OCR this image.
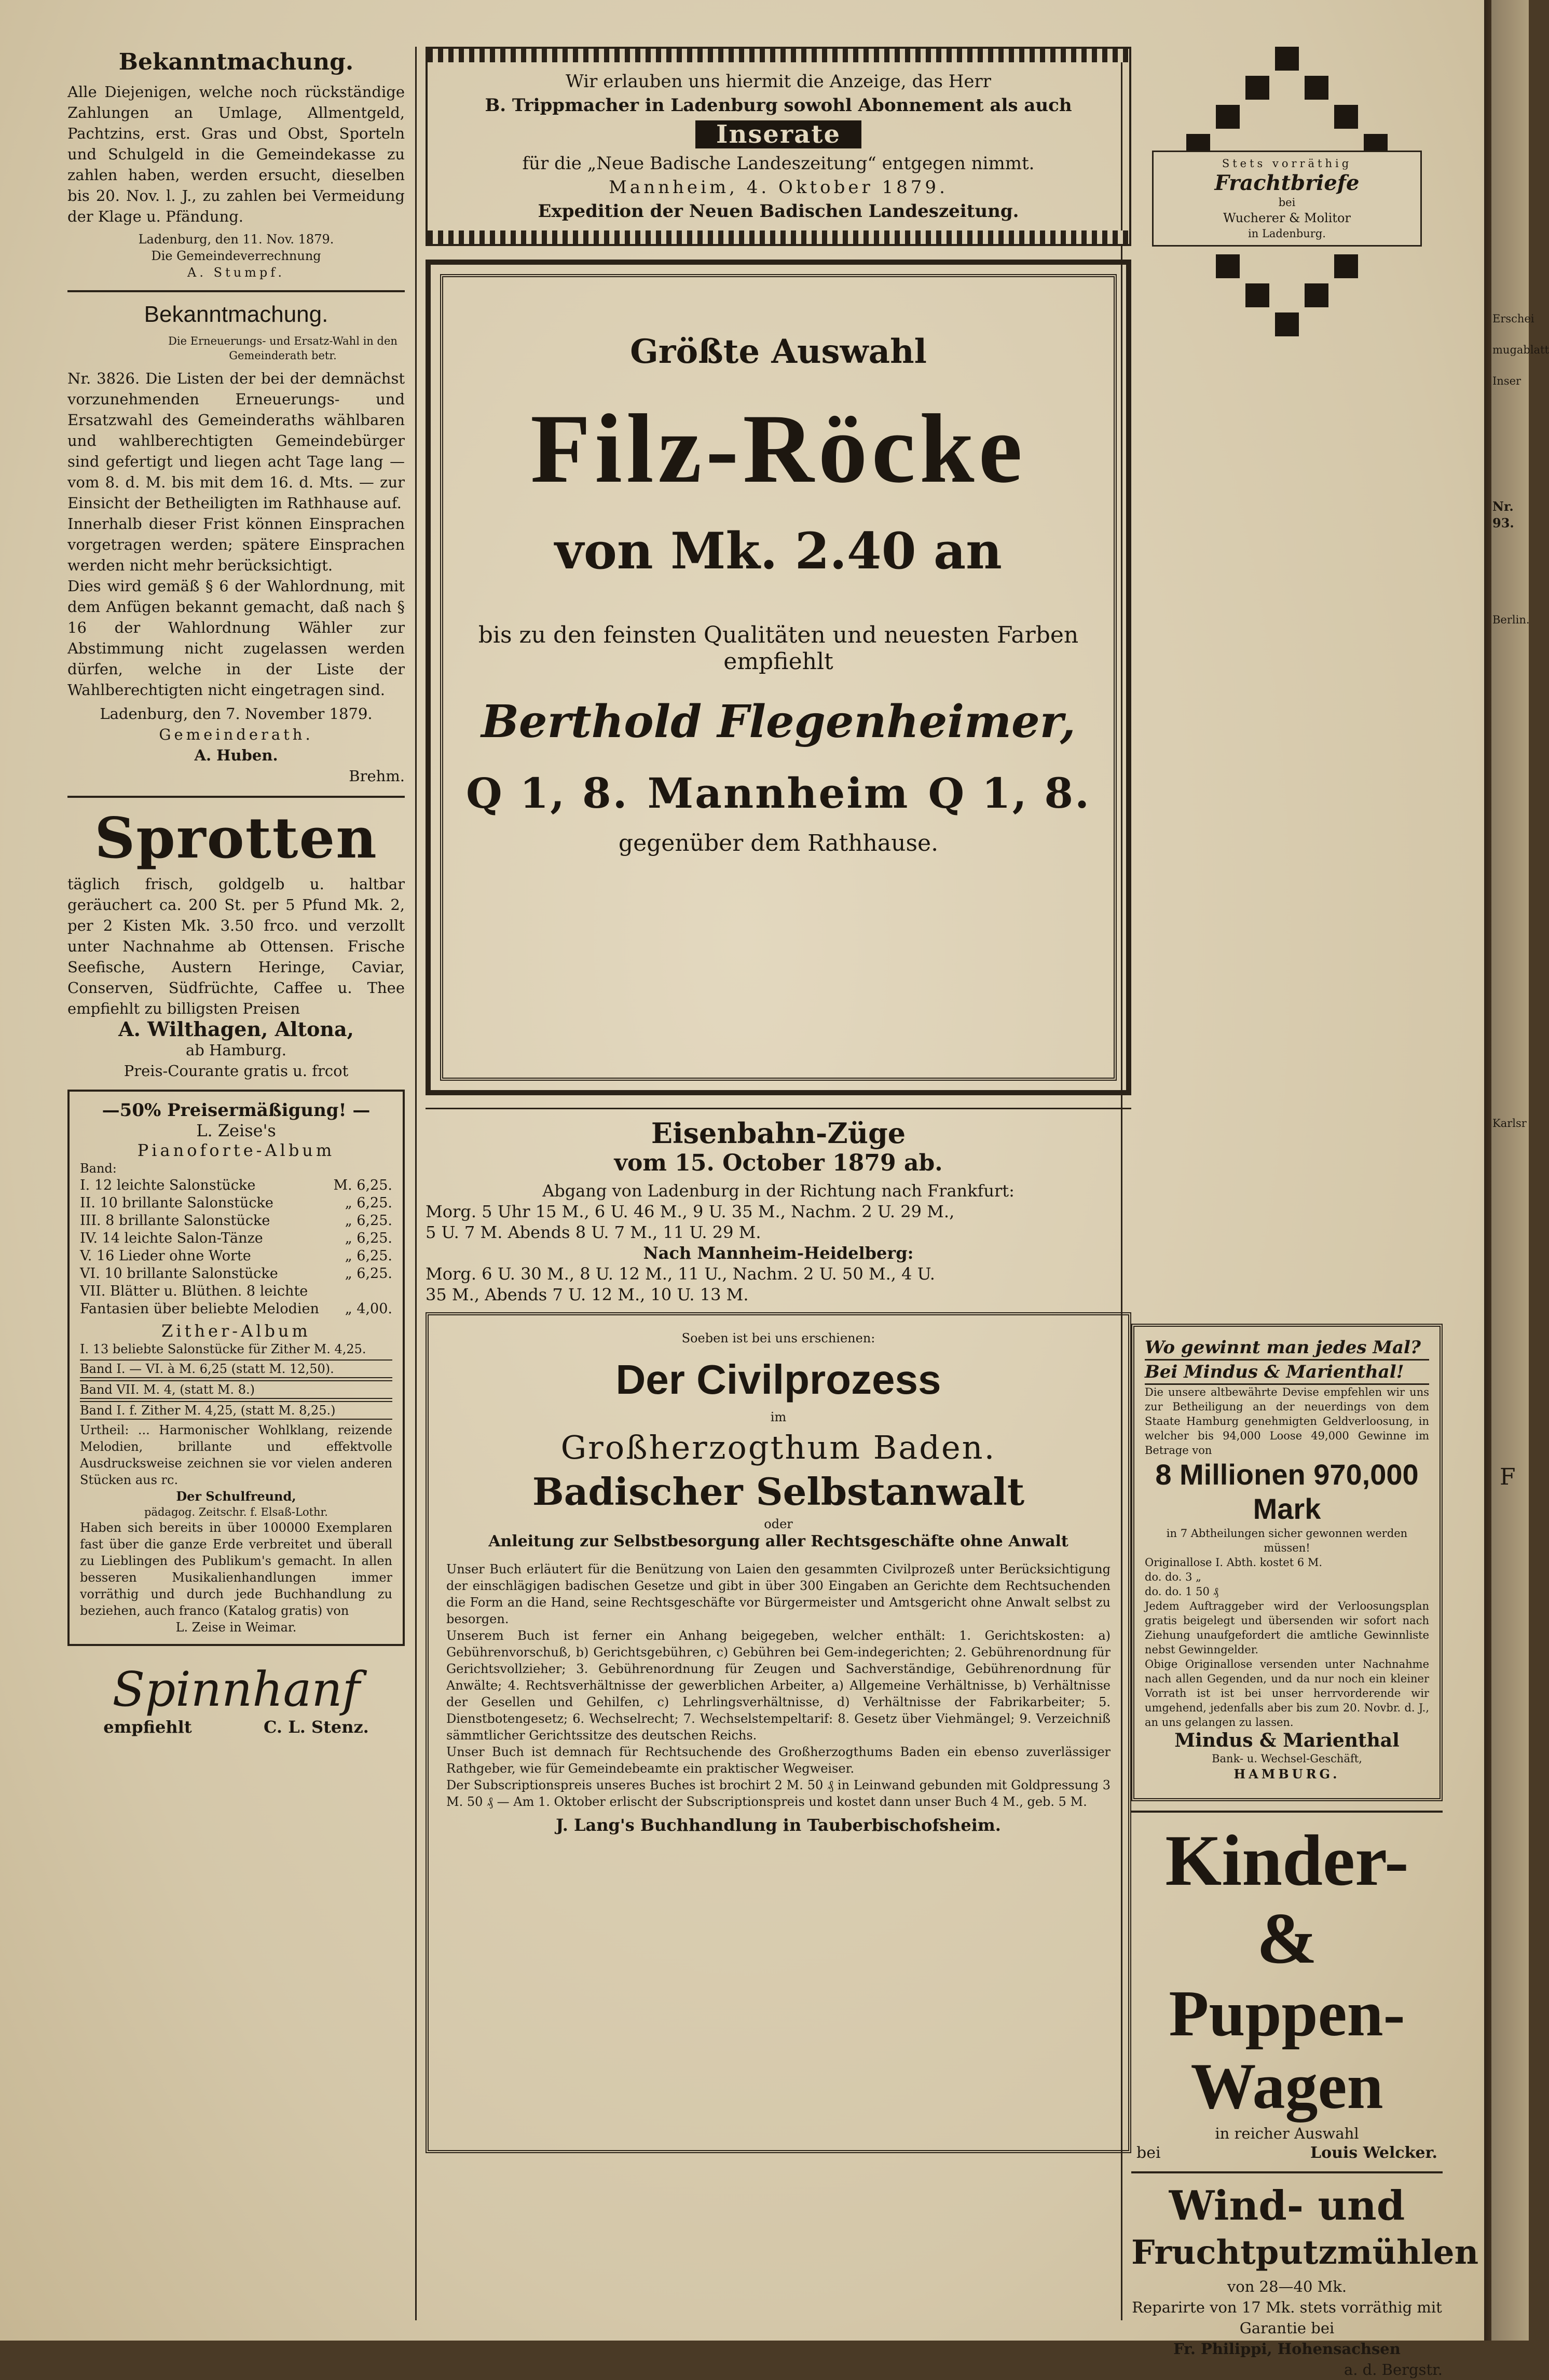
Bekanntmachung.

Alle Diejenigen, welche noch rückständige Zahlungen an Umlage, Allmentgeld, Pachtzins, erst. Gras und Obst, Sporteln und Schulgeld in die Gemeindekasse zu zahlen haben, werden ersucht, dieselben bis 20. Nov. l. J., zu zahlen bei Vermeidung der Klage u. Pfändung.

Ladenburg, den 11. Nov. 1879.

Die Gemeindeverrechnung

A. Stumpf.

Bekanntmachung.

Die Erneuerungs- und Ersatz-Wahl in den Gemeinderath betr.

Nr. 3826. Die Listen der bei der demnächst vorzunehmenden Erneuerungs- und Ersatzwahl des Gemeinderaths wählbaren und wahlberechtigten Gemeindebürger sind gefertigt und liegen acht Tage lang — vom 8. d. M. bis mit dem 16. d. Mts. — zur Einsicht der Betheiligten im Rathhause auf.

Innerhalb dieser Frist können Einsprachen vorgetragen werden; spätere Einsprachen werden nicht mehr berücksichtigt.

Dies wird gemäß § 6 der Wahlordnung, mit dem Anfügen bekannt gemacht, daß nach § 16 der Wahlordnung Wähler zur Abstimmung nicht zugelassen werden dürfen, welche in der Liste der Wahlberechtigten nicht eingetragen sind.

Ladenburg, den 7. November 1879.

Gemeinderath.

A. Huben.

Brehm.

Sprotten

täglich frisch, goldgelb u. haltbar geräuchert ca. 200 St. per 5 Pfund Mk. 2, per 2 Kisten Mk. 3.50 frco. und verzollt unter Nachnahme ab Ottensen. Frische Seefische, Austern Heringe, Caviar, Conserven, Südfrüchte, Caffee u. Thee empfiehlt zu billigsten Preisen

A. Wilthagen, Altona,

ab Hamburg.

Preis-Courante gratis u. frcot

—50% Preisermäßigung! —

L. Zeise's

Pianoforte-Album

Band:

I. 12 leichte Salonstücke	M. 6,25.
II. 10 brillante Salonstücke	„ 6,25.
III. 8 brillante Salonstücke	„ 6,25.
IV. 14 leichte Salon-Tänze	„ 6,25.
V. 16 Lieder ohne Worte	„ 6,25.
VI. 10 brillante Salonstücke	„ 6,25.
VII. Blätter u. Blüthen. 8 leichte Fantasien über beliebte Melodien	„ 4,00.

Zither-Album

I. 13 beliebte Salonstücke für Zither M. 4,25.

Band I. — VI. à M. 6,25 (statt M. 12,50).
Band VII. M. 4, (statt M. 8.)
Band I. f. Zither M. 4,25, (statt M. 8,25.)

Urtheil: ... Harmonischer Wohlklang, reizende Melodien, brillante und effektvolle Ausdrucksweise zeichnen sie vor vielen anderen Stücken aus rc.

Der Schulfreund,

pädagog. Zeitschr. f. Elsaß-Lothr.

Haben sich bereits in über 100000 Exemplaren fast über die ganze Erde verbreitet und überall zu Lieblingen des Publikum's gemacht. In allen besseren Musikalienhandlungen immer vorräthig und durch jede Buchhandlung zu beziehen, auch franco (Katalog gratis) von

L. Zeise in Weimar.

Spinnhanf

empfiehlt	C. L. Stenz.

Wir erlauben uns hiermit die Anzeige, das Herr

B. Trippmacher in Ladenburg sowohl Abonnement als auch

Inserate

für die „Neue Badische Landeszeitung“ entgegen nimmt.

Mannheim, 4. Oktober 1879.

Expedition der Neuen Badischen Landeszeitung.

Größte Auswahl

Filz-Röcke

von Mk. 2.40 an

bis zu den feinsten Qualitäten und neuesten Farben empfiehlt

Berthold Flegenheimer,

Q 1, 8. Mannheim Q 1, 8.

gegenüber dem Rathhause.

Eisenbahn-Züge

vom 15. October 1879 ab.

Abgang von Ladenburg in der Richtung nach Frankfurt:

Morg. 5 Uhr 15 M., 6 U. 46 M., 9 U. 35 M., Nachm. 2 U. 29 M.,

5 U. 7 M. Abends 8 U. 7 M., 11 U. 29 M.

Nach Mannheim-Heidelberg:

Morg. 6 U. 30 M., 8 U. 12 M., 11 U., Nachm. 2 U. 50 M., 4 U.

35 M., Abends 7 U. 12 M., 10 U. 13 M.

Soeben ist bei uns erschienen:

Der Civilprozess

im

Großherzogthum Baden.

Badischer Selbstanwalt

oder

Anleitung zur Selbstbesorgung aller Rechtsgeschäfte ohne Anwalt

Unser Buch erläutert für die Benützung von Laien den gesammten Civilprozeß unter Berücksichtigung der einschlägigen badischen Gesetze und gibt in über 300 Eingaben an Gerichte dem Rechtsuchenden die Form an die Hand, seine Rechtsgeschäfte vor Bürgermeister und Amtsgericht ohne Anwalt selbst zu besorgen.

Unserem Buch ist ferner ein Anhang beigegeben, welcher enthält: 1. Gerichtskosten: a) Gebührenvorschuß, b) Gerichtsgebühren, c) Gebühren bei Gem-indegerichten; 2. Gebührenordnung für Gerichtsvollzieher; 3. Gebührenordnung für Zeugen und Sachverständige, Gebührenordnung für Anwälte; 4. Rechtsverhältnisse der gewerblichen Arbeiter, a) Allgemeine Verhältnisse, b) Verhältnisse der Gesellen und Gehilfen, c) Lehrlingsverhältnisse, d) Verhältnisse der Fabrikarbeiter; 5. Dienstbotengesetz; 6. Wechselrecht; 7. Wechselstempeltarif: 8. Gesetz über Viehmängel; 9. Verzeichniß sämmtlicher Gerichtssitze des deutschen Reichs.

Unser Buch ist demnach für Rechtsuchende des Großherzogthums Baden ein ebenso zuverlässiger Rathgeber, wie für Gemeindebeamte ein praktischer Wegweiser.

Der Subscriptionspreis unseres Buches ist brochirt 2 M. 50 ₰ in Leinwand gebunden mit Goldpressung 3 M. 50 ₰ — Am 1. Oktober erlischt der Subscriptionspreis und kostet dann unser Buch 4 M., geb. 5 M.

J. Lang's Buchhandlung in Tauberbischofsheim.

Stets vorräthig

Frachtbriefe

bei

Wucherer & Molitor

in Ladenburg.

Wo gewinnt man jedes Mal?

Bei Mindus & Marienthal!

Die unsere altbewährte Devise empfehlen wir uns zur Betheiligung an der neuerdings von dem Staate Hamburg genehmigten Geldverloosung, in welcher bis 94,000 Loose 49,000 Gewinne im Betrage von

8 Millionen 970,000 Mark

in 7 Abtheilungen sicher gewonnen werden müssen!

Originallose I. Abth. kostet 6 M.

do. do. 3 „

do. do. 1 50 ₰

Jedem Auftraggeber wird der Verloosungsplan gratis beigelegt und übersenden wir sofort nach Ziehung unaufgefordert die amtliche Gewinnliste nebst Gewinngelder.

Obige Originallose versenden unter Nachnahme nach allen Gegenden, und da nur noch ein kleiner Vorrath ist ist bei unser herrvorderende wir umgehend, jedenfalls aber bis zum 20. Novbr. d. J., an uns gelangen zu lassen.

Mindus & Marienthal

Bank- u. Wechsel-Geschäft,

HAMBURG.

Kinder- &

Puppen-Wagen

in reicher Auswahl

bei	Louis Welcker.

Wind- und

Fruchtputzmühlen

von 28—40 Mk.

Reparirte von 17 Mk. stets vorräthig mit Garantie bei

Fr. Philippi, Hohensachsen

a. d. Bergstr.

Erschei

mugablatt

Inser

Nr. 93.

Berlin.

Karlsr

F
